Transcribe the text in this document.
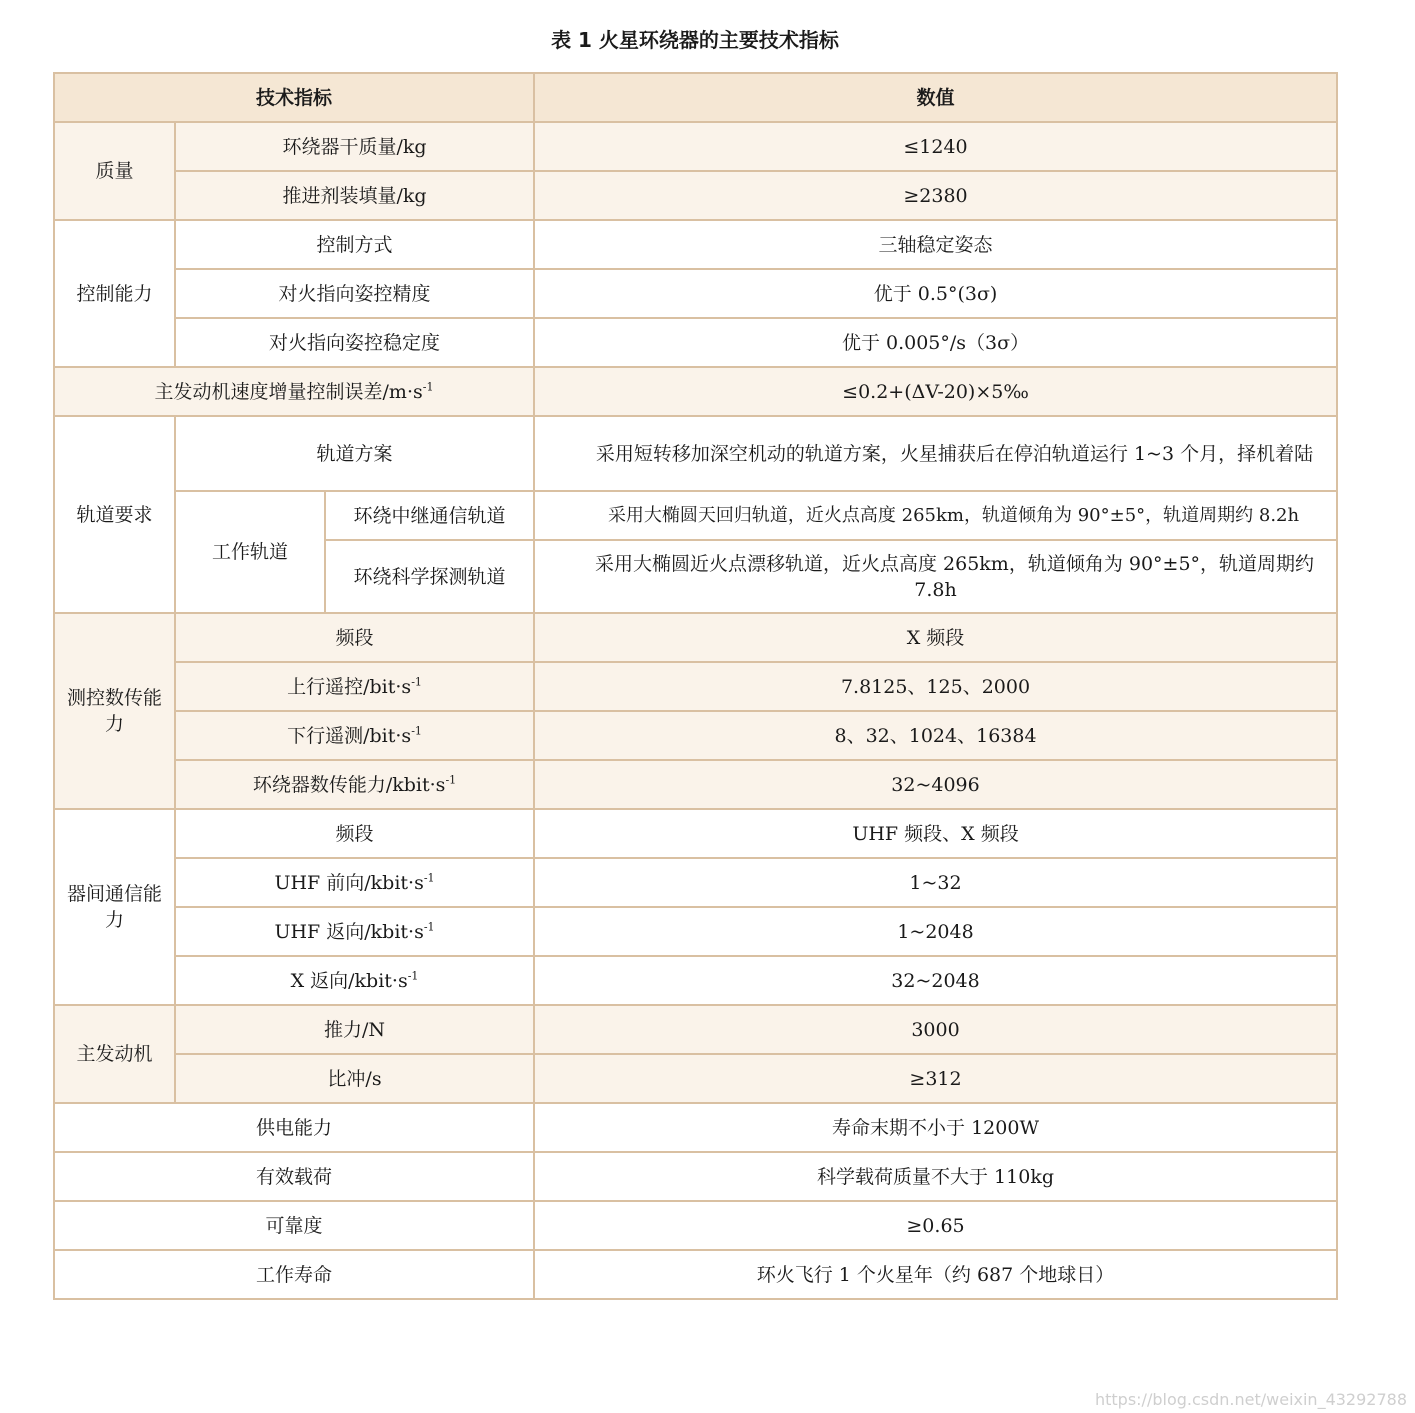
表 1 火星环绕器的主要技术指标
技术指标			数值
质量	环绕器干质量/kg		≤1240
	推进剂装填量/kg		≥2380
控制能力	控制方式		三轴稳定姿态
	对火指向姿控精度		优于 0.5°(3σ)
	对火指向姿控稳定度		优于 0.005°/s（3σ）
主发动机速度增量控制误差$/m\cdot s^{-1}$			≤0.2+(ΔV-20)×5‰
轨道要求	轨道方案		采用短转移加深空机动的轨道方案，火星捕获后在停泊轨道运行 1~3 个月，择机着陆
	工作轨道	环绕中继通信轨道	采用大椭圆天回归轨道，近火点高度 265km，轨道倾角为 90°±5°，轨道周期约 8.2h
		环绕科学探测轨道	采用大椭圆近火点漂移轨道，近火点高度 265km，轨道倾角为 90°±5°，轨道周期约 7.8h
测控数传能力	频段		X 频段
	上行遥控$/bit\cdot s^{-1}$		7.8125、125、2000
	下行遥测$/bit\cdot s^{-1}$		8、32、1024、16384
	环绕器数传能力$/kbit\cdot s^{-1}$		32~4096
器间通信能力	频段		UHF 频段、X 频段
	UHF 前向$/kbit\cdot s^{-1}$		1~32
	UHF 返向$/kbit\cdot s^{-1}$		1~2048
	X 返向$/kbit\cdot s^{-1}$		32~2048
主发动机	推力/N		3000
	比冲/s		≥312
供电能力			寿命末期不小于 1200W
有效载荷			科学载荷质量不大于 110kg
可靠度			≥0.65
工作寿命			环火飞行 1 个火星年（约 687 个地球日）
https://blog.csdn.net/weixin_43292788
